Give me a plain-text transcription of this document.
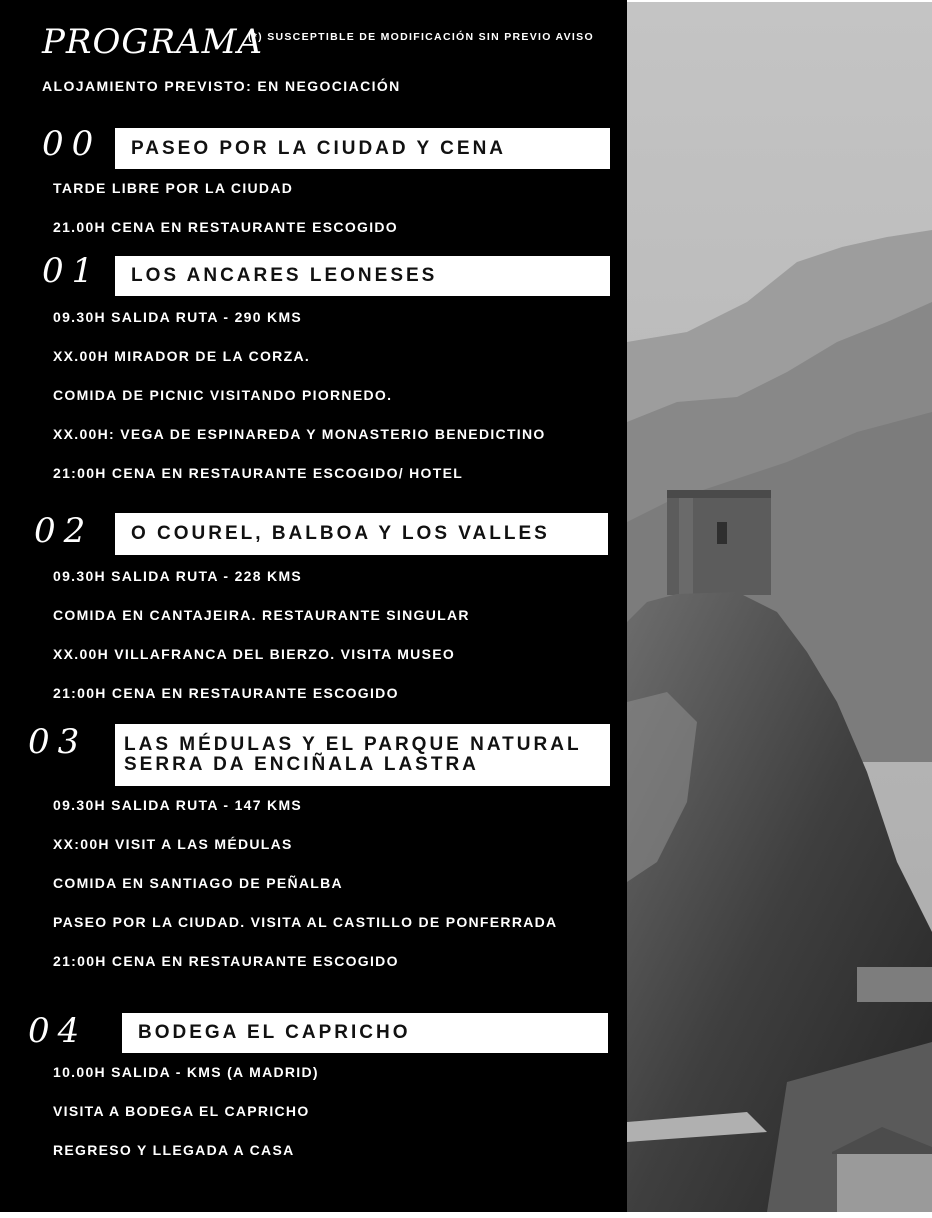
PROGRAMA
(*) SUSCEPTIBLE DE MODIFICACIÓN SIN PREVIO AVISO
ALOJAMIENTO PREVISTO: EN NEGOCIACIÓN
00	PASEO POR LA CIUDAD Y CENA
TARDE LIBRE POR LA CIUDAD
21.00H CENA EN RESTAURANTE ESCOGIDO
01	LOS ANCARES LEONESES
09.30H SALIDA RUTA - 290 KMS
XX.00H MIRADOR DE LA CORZA.
COMIDA DE PICNIC VISITANDO PIORNEDO.
XX.00H: VEGA DE ESPINAREDA Y MONASTERIO BENEDICTINO
21:00H CENA EN RESTAURANTE ESCOGIDO/ HOTEL
02	O COUREL, BALBOA Y LOS VALLES
09.30H SALIDA RUTA - 228 KMS
COMIDA EN CANTAJEIRA. RESTAURANTE SINGULAR
XX.00H VILLAFRANCA DEL BIERZO. VISITA MUSEO
21:00H CENA EN RESTAURANTE ESCOGIDO
03 LAS MÉDULAS Y EL PARQUE NATURAL
SERRA DA ENCIÑALA LASTRA
09.30H SALIDA RUTA - 147 KMS
XX:00H VISIT A LAS MÉDULAS
COMIDA EN SANTIAGO DE PEÑALBA
PASEO POR LA CIUDAD. VISITA AL CASTILLO DE PONFERRADA
21:00H CENA EN RESTAURANTE ESCOGIDO
04	BODEGA EL CAPRICHO
10.00H SALIDA - KMS (A MADRID)
VISITA A BODEGA EL CAPRICHO
REGRESO Y LLEGADA A CASA
